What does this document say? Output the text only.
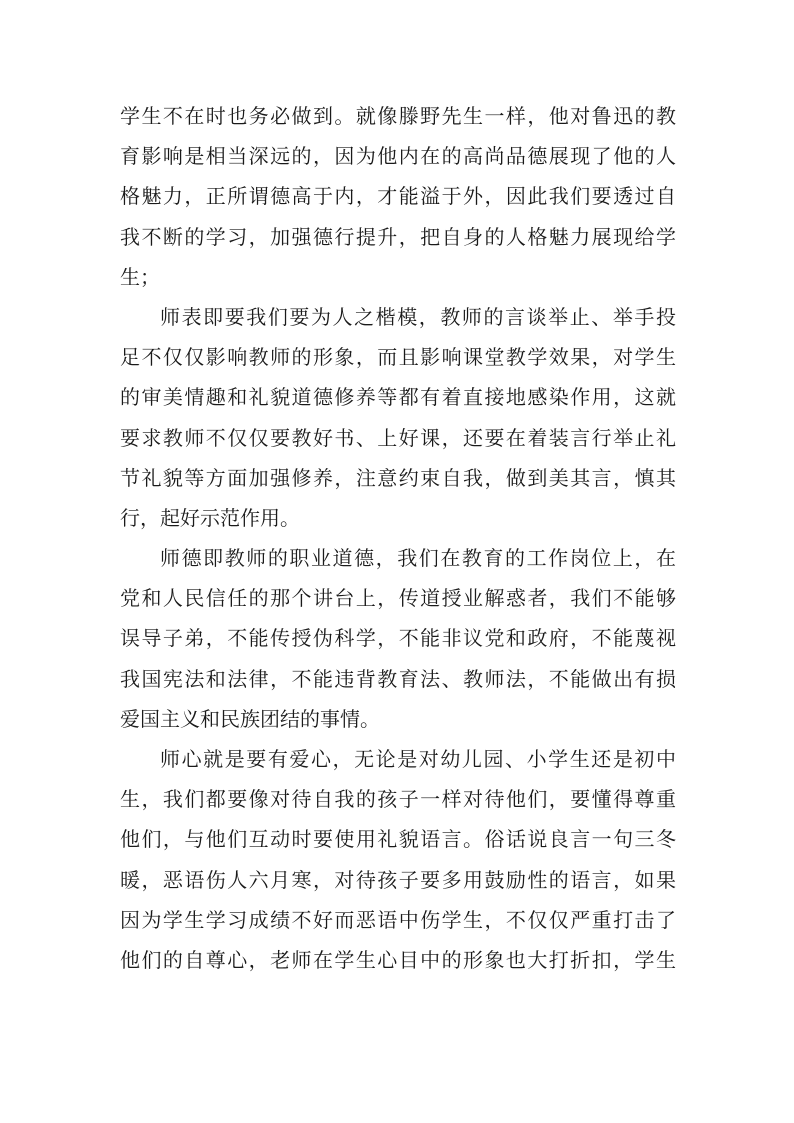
学生不在时也务必做到。就像滕野先生一样，他对鲁迅的教
育影响是相当深远的，因为他内在的高尚品德展现了他的人
格魅力，正所谓德高于内，才能溢于外，因此我们要透过自
我不断的学习，加强德行提升，把自身的人格魅力展现给学
生；
师表即要我们要为人之楷模，教师的言谈举止、举手投
足不仅仅影响教师的形象，而且影响课堂教学效果，对学生
的审美情趣和礼貌道德修养等都有着直接地感染作用，这就
要求教师不仅仅要教好书、上好课，还要在着装言行举止礼
节礼貌等方面加强修养，注意约束自我，做到美其言，慎其
行，起好示范作用。
师德即教师的职业道德，我们在教育的工作岗位上，在
党和人民信任的那个讲台上，传道授业解惑者，我们不能够
误导子弟，不能传授伪科学，不能非议党和政府，不能蔑视
我国宪法和法律，不能违背教育法、教师法，不能做出有损
爱国主义和民族团结的事情。
师心就是要有爱心，无论是对幼儿园、小学生还是初中
生，我们都要像对待自我的孩子一样对待他们，要懂得尊重
他们，与他们互动时要使用礼貌语言。俗话说良言一句三冬
暖，恶语伤人六月寒，对待孩子要多用鼓励性的语言，如果
因为学生学习成绩不好而恶语中伤学生，不仅仅严重打击了
他们的自尊心，老师在学生心目中的形象也大打折扣，学生
